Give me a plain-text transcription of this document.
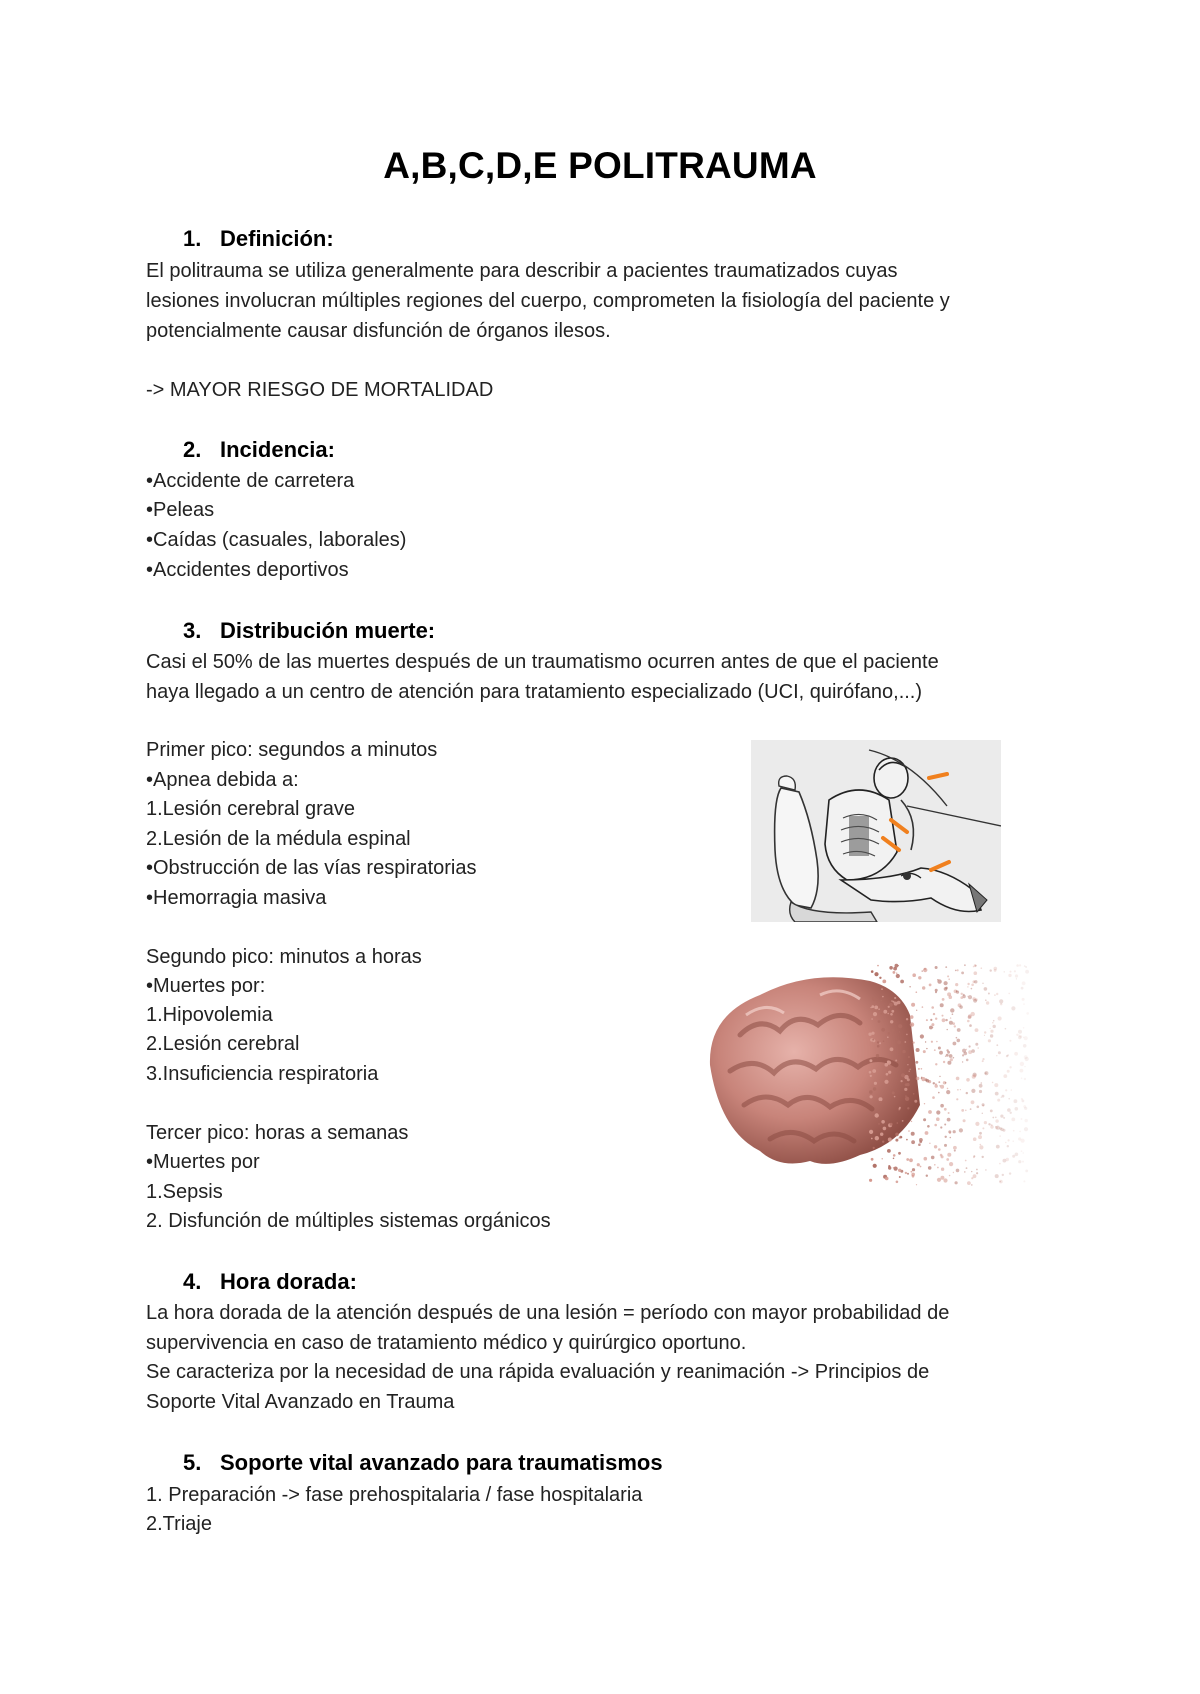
A,B,C,D,E POLITRAUMA
1. Definición:
El politrauma se utiliza generalmente para describir a pacientes traumatizados cuyas
lesiones involucran múltiples regiones del cuerpo, comprometen la fisiología del paciente y
potencialmente causar disfunción de órganos ilesos.
-> MAYOR RIESGO DE MORTALIDAD
2. Incidencia:
•Accidente de carretera
•Peleas
•Caídas (casuales, laborales)
•Accidentes deportivos
3. Distribución muerte:
Casi el 50% de las muertes después de un traumatismo ocurren antes de que el paciente
haya llegado a un centro de atención para tratamiento especializado (UCI, quirófano,...)
Primer pico: segundos a minutos
•Apnea debida a:
1.Lesión cerebral grave
2.Lesión de la médula espinal
•Obstrucción de las vías respiratorias
•Hemorragia masiva
Segundo pico: minutos a horas
•Muertes por:
1.Hipovolemia
2.Lesión cerebral
3.Insuficiencia respiratoria
Tercer pico: horas a semanas
•Muertes por
1.Sepsis
2. Disfunción de múltiples sistemas orgánicos
4. Hora dorada:
La hora dorada de la atención después de una lesión = período con mayor probabilidad de
supervivencia en caso de tratamiento médico y quirúrgico oportuno.
Se caracteriza por la necesidad de una rápida evaluación y reanimación -> Principios de
Soporte Vital Avanzado en Trauma
5. Soporte vital avanzado para traumatismos
1. Preparación -> fase prehospitalaria / fase hospitalaria
2.Triaje
